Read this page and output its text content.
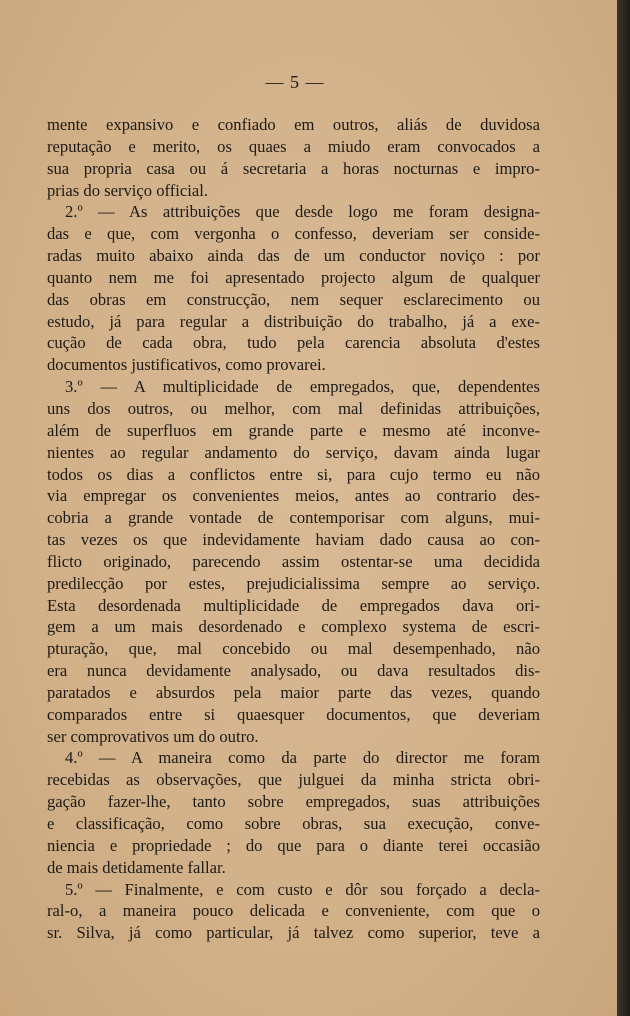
— 5 —

mente expansivo e confiado em outros, aliás de duvidosa
reputação e merito, os quaes a miudo eram convocados a
sua propria casa ou á secretaria a horas nocturnas e impro-
prias do serviço official.
2.º — As attribuições que desde logo me foram designa-
das e que, com vergonha o confesso, deveriam ser conside-
radas muito abaixo ainda das de um conductor noviço : por
quanto nem me foi apresentado projecto algum de qualquer
das obras em construcção, nem sequer esclarecimento ou
estudo, já para regular a distribuição do trabalho, já a exe-
cução de cada obra, tudo pela carencia absoluta d'estes
documentos justificativos, como provarei.
3.º — A multiplicidade de empregados, que, dependentes
uns dos outros, ou melhor, com mal definidas attribuições,
além de superfluos em grande parte e mesmo até inconve-
nientes ao regular andamento do serviço, davam ainda lugar
todos os dias a conflictos entre si, para cujo termo eu não
via empregar os convenientes meios, antes ao contrario des-
cobria a grande vontade de contemporisar com alguns, mui-
tas vezes os que indevidamente haviam dado causa ao con-
flicto originado, parecendo assim ostentar-se uma decidida
predilecção por estes, prejudicialissima sempre ao serviço.
Esta desordenada multiplicidade de empregados dava ori-
gem a um mais desordenado e complexo systema de escri-
pturação, que, mal concebido ou mal desempenhado, não
era nunca devidamente analysado, ou dava resultados dis-
paratados e absurdos pela maior parte das vezes, quando
comparados entre si quaesquer documentos, que deveriam
ser comprovativos um do outro.
4.º — A maneira como da parte do director me foram
recebidas as observações, que julguei da minha stricta obri-
gação fazer-lhe, tanto sobre empregados, suas attribuições
e classificação, como sobre obras, sua execução, conve-
niencia e propriedade ; do que para o diante terei occasião
de mais detidamente fallar.
5.º — Finalmente, e com custo e dôr sou forçado a decla-
ral-o, a maneira pouco delicada e conveniente, com que o
sr. Silva, já como particular, já talvez como superior, teve a
